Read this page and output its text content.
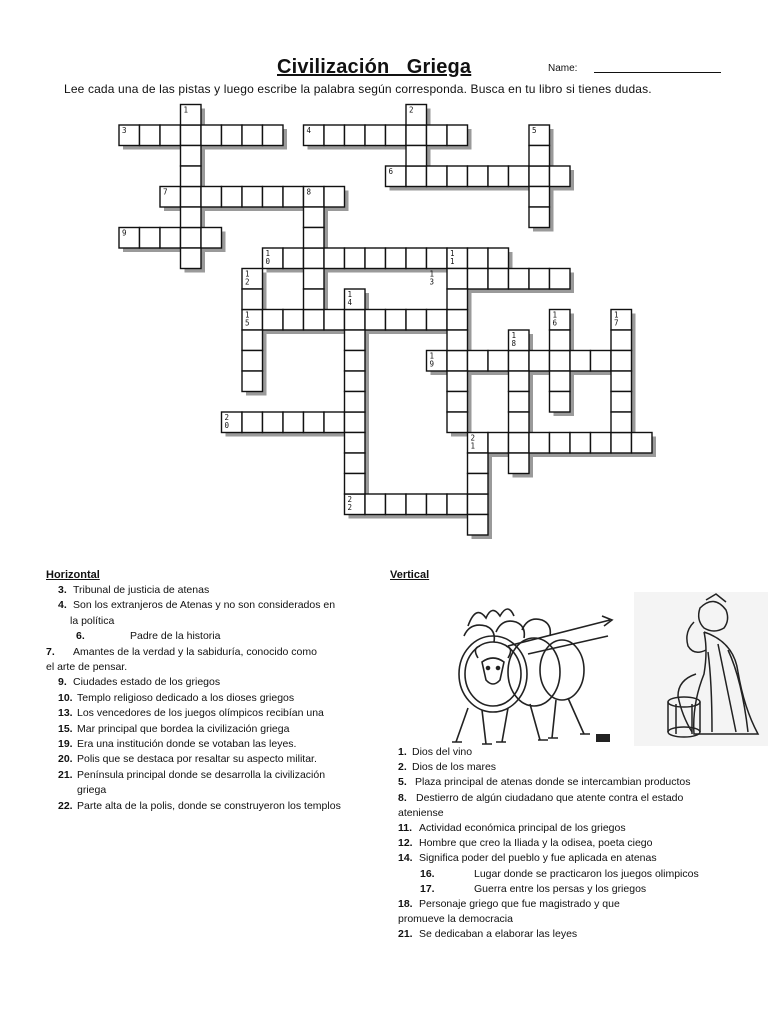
Civilización   Griega	Name:
Lee cada una de las pistas y luego escribe la palabra según corresponda. Busca en tu libro si tienes dudas.
1	2
3	4	5
6
7	8
9
1
0
1
1
1
2
1
3
1
4
1
5
1
6
1
7
1
8
1
9
2
0
2
1
2
2
Horizontal	Vertical
3. Tribunal de justicia de atenas
4. Son los extranjeros de Atenas y no son considerados en
la política
6.	Padre de la historia
7. Amantes de la verdad y la sabiduría, conocido como
el arte de pensar.
9. Ciudades estado de los griegos
10. Templo religioso dedicado a los dioses griegos
13. Los vencedores de los juegos olímpicos recibían una
15. Mar principal que bordea la civilización griega
19. Era una institución donde se votaban las leyes.
20. Polis que se destaca por resaltar su aspecto militar.
21. Península principal donde se desarrolla la civilización
griega
22. Parte alta de la polis, donde se construyeron los templos
1. Dios del vino
2. Dios de los mares
5. Plaza principal de atenas donde se intercambian productos
8. Destierro de algún ciudadano que atente contra el estado
ateniense
11. Actividad económica principal de los griegos
12. Hombre que creo la Iliada y la odisea, poeta ciego
14. Significa poder del pueblo y fue aplicada en atenas
16.	Lugar donde se practicaron los juegos olimpicos
17.	Guerra entre los persas y los griegos
18. Personaje griego que fue magistrado y que
promueve la democracia
21. Se dedicaban a elaborar las leyes
